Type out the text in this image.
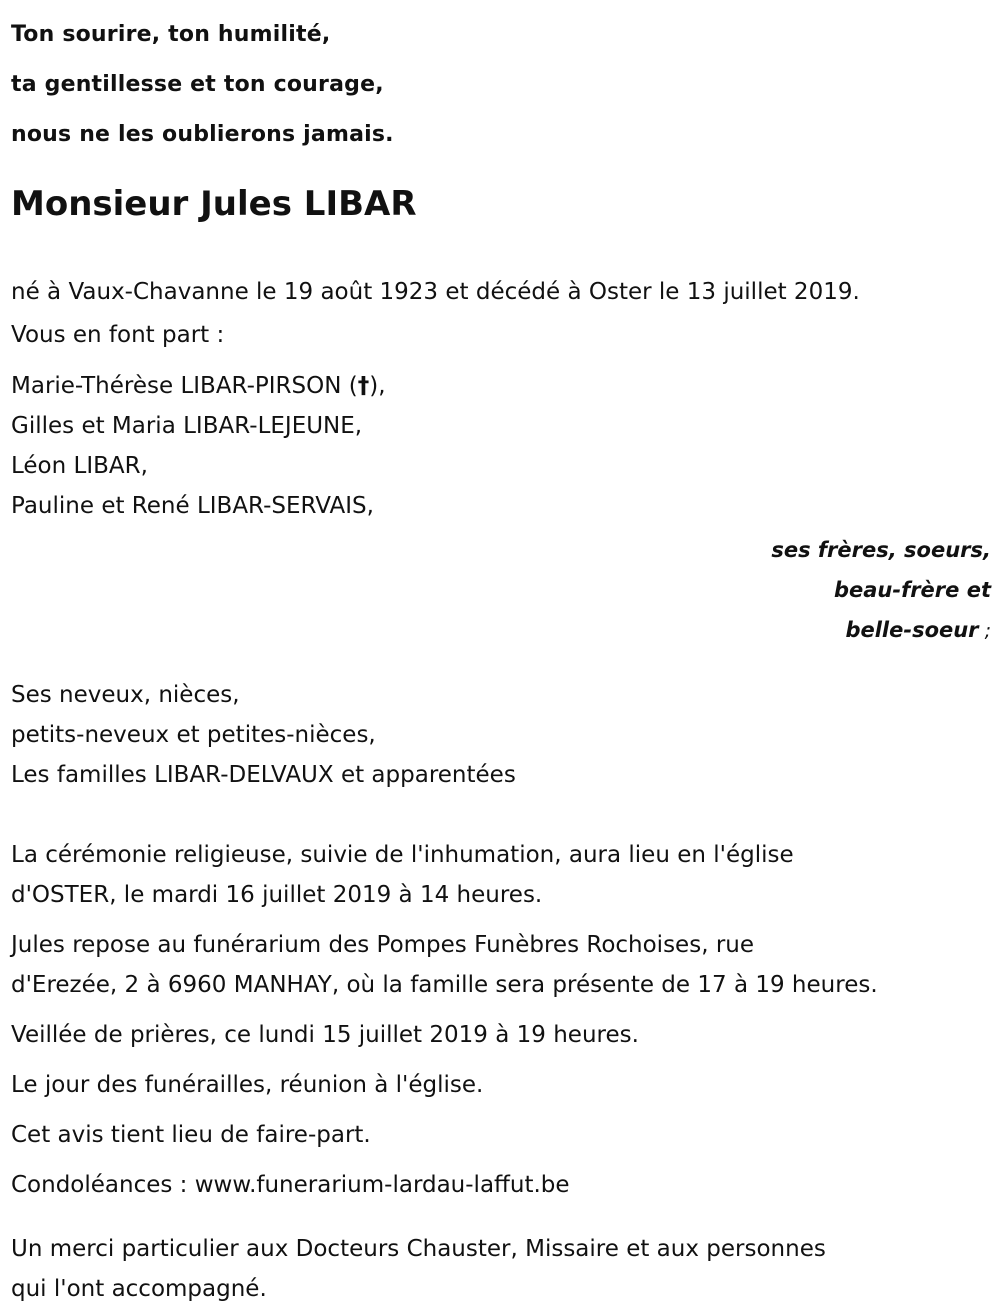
Ton sourire, ton humilité,
ta gentillesse et ton courage,
nous ne les oublierons jamais.
Monsieur Jules LIBAR

né à Vaux-Chavanne le 19 août 1923 et décédé à Oster le 13 juillet 2019.

Vous en font part :

Marie-Thérèse LIBAR-PIRSON (†),

Gilles et Maria LIBAR-LEJEUNE,

Léon LIBAR,

Pauline et René LIBAR-SERVAIS,

ses frères, soeurs,
beau-frère et
belle-soeur ;

Ses neveux, nièces,

petits-neveux et petites-nièces,

Les familles LIBAR-DELVAUX et apparentées

La cérémonie religieuse, suivie de l'inhumation, aura lieu en l'église

d'OSTER, le mardi 16 juillet 2019 à 14 heures.

Jules repose au funérarium des Pompes Funèbres Rochoises, rue

d'Erezée, 2 à 6960 MANHAY, où la famille sera présente de 17 à 19 heures.

Veillée de prières, ce lundi 15 juillet 2019 à 19 heures.

Le jour des funérailles, réunion à l'église.

Cet avis tient lieu de faire-part.

Condoléances : www.funerarium-lardau-laffut.be

Un merci particulier aux Docteurs Chauster, Missaire et aux personnes

qui l'ont accompagné.
